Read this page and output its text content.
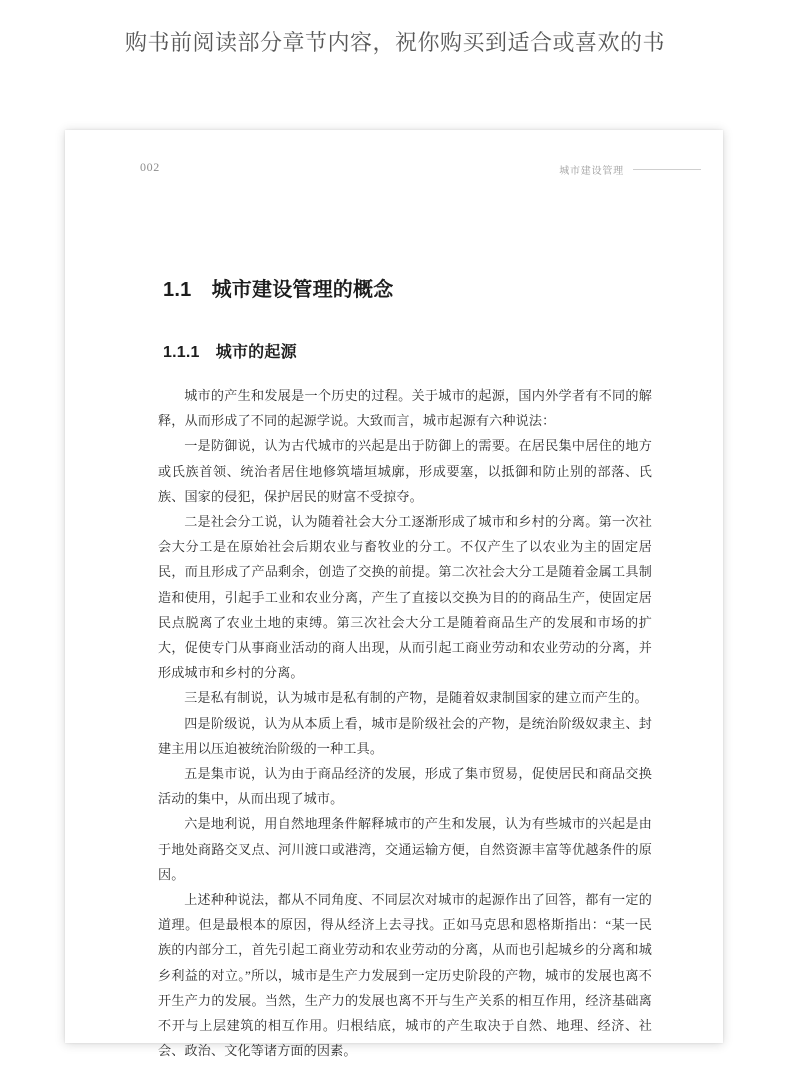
购书前阅读部分章节内容，祝你购买到适合或喜欢的书
002	城市建设管理
1.1　城市建设管理的概念
1.1.1　城市的起源

城市的产生和发展是一个历史的过程。关于城市的起源，国内外学者有不同的解释，从而形成了不同的起源学说。大致而言，城市起源有六种说法：

一是防御说，认为古代城市的兴起是出于防御上的需要。在居民集中居住的地方或氏族首领、统治者居住地修筑墙垣城廓，形成要塞，以抵御和防止别的部落、氏族、国家的侵犯，保护居民的财富不受掠夺。

二是社会分工说，认为随着社会大分工逐渐形成了城市和乡村的分离。第一次社会大分工是在原始社会后期农业与畜牧业的分工。不仅产生了以农业为主的固定居民，而且形成了产品剩余，创造了交换的前提。第二次社会大分工是随着金属工具制造和使用，引起手工业和农业分离，产生了直接以交换为目的的商品生产，使固定居民点脱离了农业土地的束缚。第三次社会大分工是随着商品生产的发展和市场的扩大，促使专门从事商业活动的商人出现，从而引起工商业劳动和农业劳动的分离，并形成城市和乡村的分离。

三是私有制说，认为城市是私有制的产物，是随着奴隶制国家的建立而产生的。

四是阶级说，认为从本质上看，城市是阶级社会的产物，是统治阶级奴隶主、封建主用以压迫被统治阶级的一种工具。

五是集市说，认为由于商品经济的发展，形成了集市贸易，促使居民和商品交换活动的集中，从而出现了城市。

六是地利说，用自然地理条件解释城市的产生和发展，认为有些城市的兴起是由于地处商路交叉点、河川渡口或港湾，交通运输方便，自然资源丰富等优越条件的原因。

上述种种说法，都从不同角度、不同层次对城市的起源作出了回答，都有一定的道理。但是最根本的原因，得从经济上去寻找。正如马克思和恩格斯指出：“某一民族的内部分工，首先引起工商业劳动和农业劳动的分离，从而也引起城乡的分离和城乡利益的对立。”所以，城市是生产力发展到一定历史阶段的产物，城市的发展也离不开生产力的发展。当然，生产力的发展也离不开与生产关系的相互作用，经济基础离不开与上层建筑的相互作用。归根结底，城市的产生取决于自然、地理、经济、社会、政治、文化等诸方面的因素。
